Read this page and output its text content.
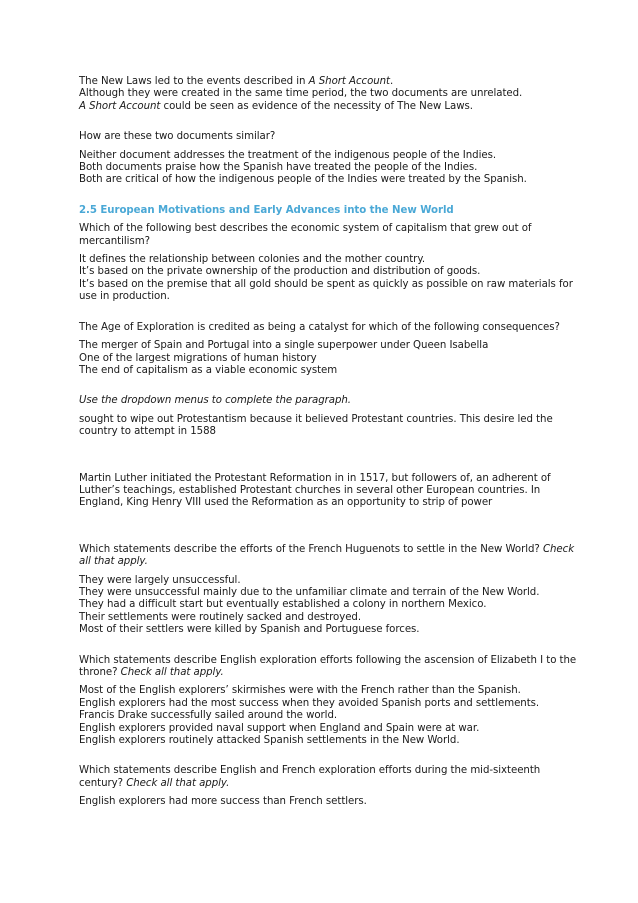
The New Laws led to the events described in A Short Account.
Although they were created in the same time period, the two documents are unrelated.
A Short Account could be seen as evidence of the necessity of The New Laws.
How are these two documents similar?
Neither document addresses the treatment of the indigenous people of the Indies.
Both documents praise how the Spanish have treated the people of the Indies.
Both are critical of how the indigenous people of the Indies were treated by the Spanish.
2.5 European Motivations and Early Advances into the New World
Which of the following best describes the economic system of capitalism that grew out of
mercantilism?
It defines the relationship between colonies and the mother country.
It’s based on the private ownership of the production and distribution of goods.
It’s based on the premise that all gold should be spent as quickly as possible on raw materials for
use in production.
The Age of Exploration is credited as being a catalyst for which of the following consequences?
The merger of Spain and Portugal into a single superpower under Queen Isabella
One of the largest migrations of human history
The end of capitalism as a viable economic system
Use the dropdown menus to complete the paragraph.
sought to wipe out Protestantism because it believed Protestant countries. This desire led the
country to attempt in 1588
Martin Luther initiated the Protestant Reformation in in 1517, but followers of, an adherent of
Luther’s teachings, established Protestant churches in several other European countries. In
England, King Henry VIII used the Reformation as an opportunity to strip of power
Which statements describe the efforts of the French Huguenots to settle in the New World? Check
all that apply.
They were largely unsuccessful.
They were unsuccessful mainly due to the unfamiliar climate and terrain of the New World.
They had a difficult start but eventually established a colony in northern Mexico.
Their settlements were routinely sacked and destroyed.
Most of their settlers were killed by Spanish and Portuguese forces.
Which statements describe English exploration efforts following the ascension of Elizabeth I to the
throne? Check all that apply.
Most of the English explorers’ skirmishes were with the French rather than the Spanish.
English explorers had the most success when they avoided Spanish ports and settlements.
Francis Drake successfully sailed around the world.
English explorers provided naval support when England and Spain were at war.
English explorers routinely attacked Spanish settlements in the New World.
Which statements describe English and French exploration efforts during the mid-sixteenth
century? Check all that apply.
English explorers had more success than French settlers.
